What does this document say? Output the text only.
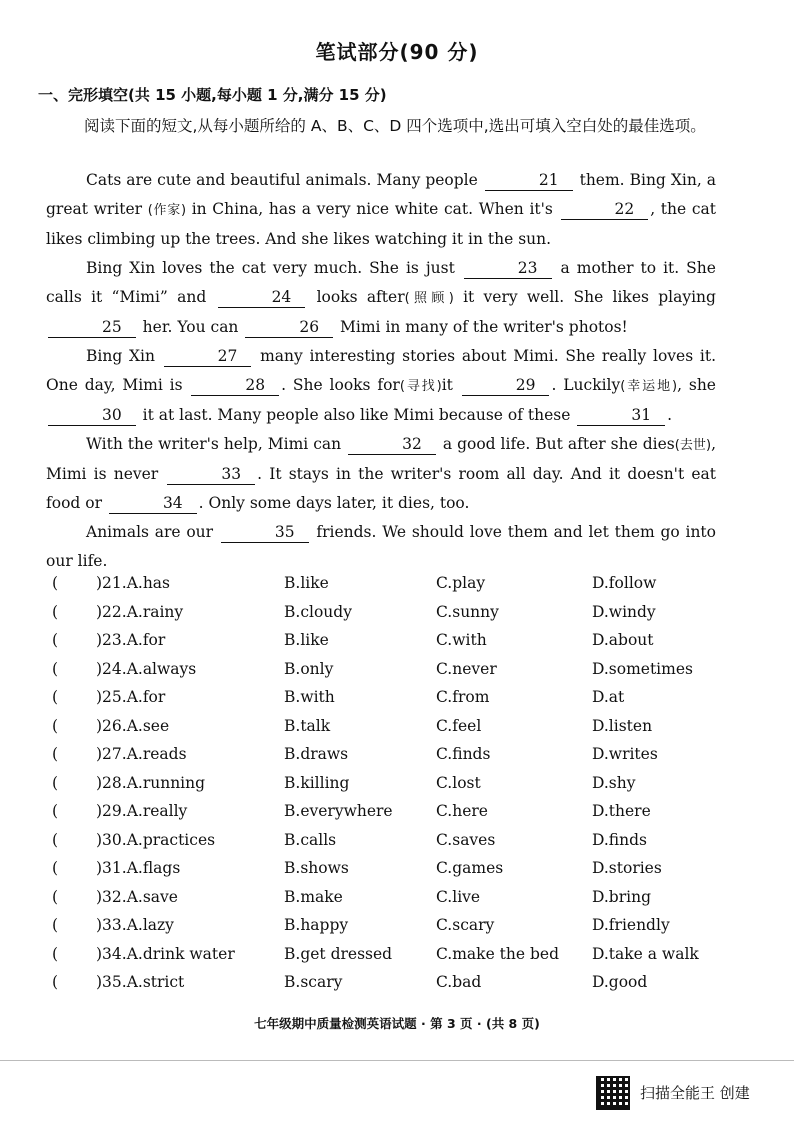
笔试部分(90 分)
一、完形填空(共 15 小题,每小题 1 分,满分 15 分)
阅读下面的短文,从每小题所给的 A、B、C、D 四个选项中,选出可填入空白处的最佳选项。

Cats are cute and beautiful animals. Many people	21 them. Bing Xin, a great writer (作家) in China, has a very nice white cat. When it's	22 , the cat likes climbing up the trees. And she likes watching it in the sun.

Bing Xin loves the cat very much. She is just	23 a mother to it. She calls it “Mimi” and	24 looks after(照顾) it very well. She likes playing 25 her. You can	26 Mimi in many of the writer's photos!

Bing Xin	27 many interesting stories about Mimi. She really loves it. One day, Mimi is	28 . She looks for(寻找)it	29 . Luckily(幸运地), she 30 it at last. Many people also like Mimi because of these	31 .

With the writer's help, Mimi can	32 a good life. But after she dies(去世), Mimi is never	33 . It stays in the writer's room all day. And it doesn't eat food or	34 . Only some days later, it dies, too.

Animals are our	35 friends. We should love them and let them go into our life.

( )21.A.has	B.like	C.play	D.follow
( )22.A.rainy	B.cloudy	C.sunny	D.windy
( )23.A.for	B.like	C.with	D.about
( )24.A.always	B.only	C.never	D.sometimes
( )25.A.for	B.with	C.from	D.at
( )26.A.see	B.talk	C.feel	D.listen
( )27.A.reads	B.draws	C.finds	D.writes
( )28.A.running	B.killing	C.lost	D.shy
( )29.A.really	B.everywhere	C.here	D.there
( )30.A.practices	B.calls	C.saves	D.finds
( )31.A.flags	B.shows	C.games	D.stories
( )32.A.save	B.make	C.live	D.bring
( )33.A.lazy	B.happy	C.scary	D.friendly
( )34.A.drink water	B.get dressed	C.make the bed D.take a walk
( )35.A.strict	B.scary	C.bad	D.good
七年级期中质量检测英语试题 · 第 3 页 · (共 8 页)
扫描全能王 创建
